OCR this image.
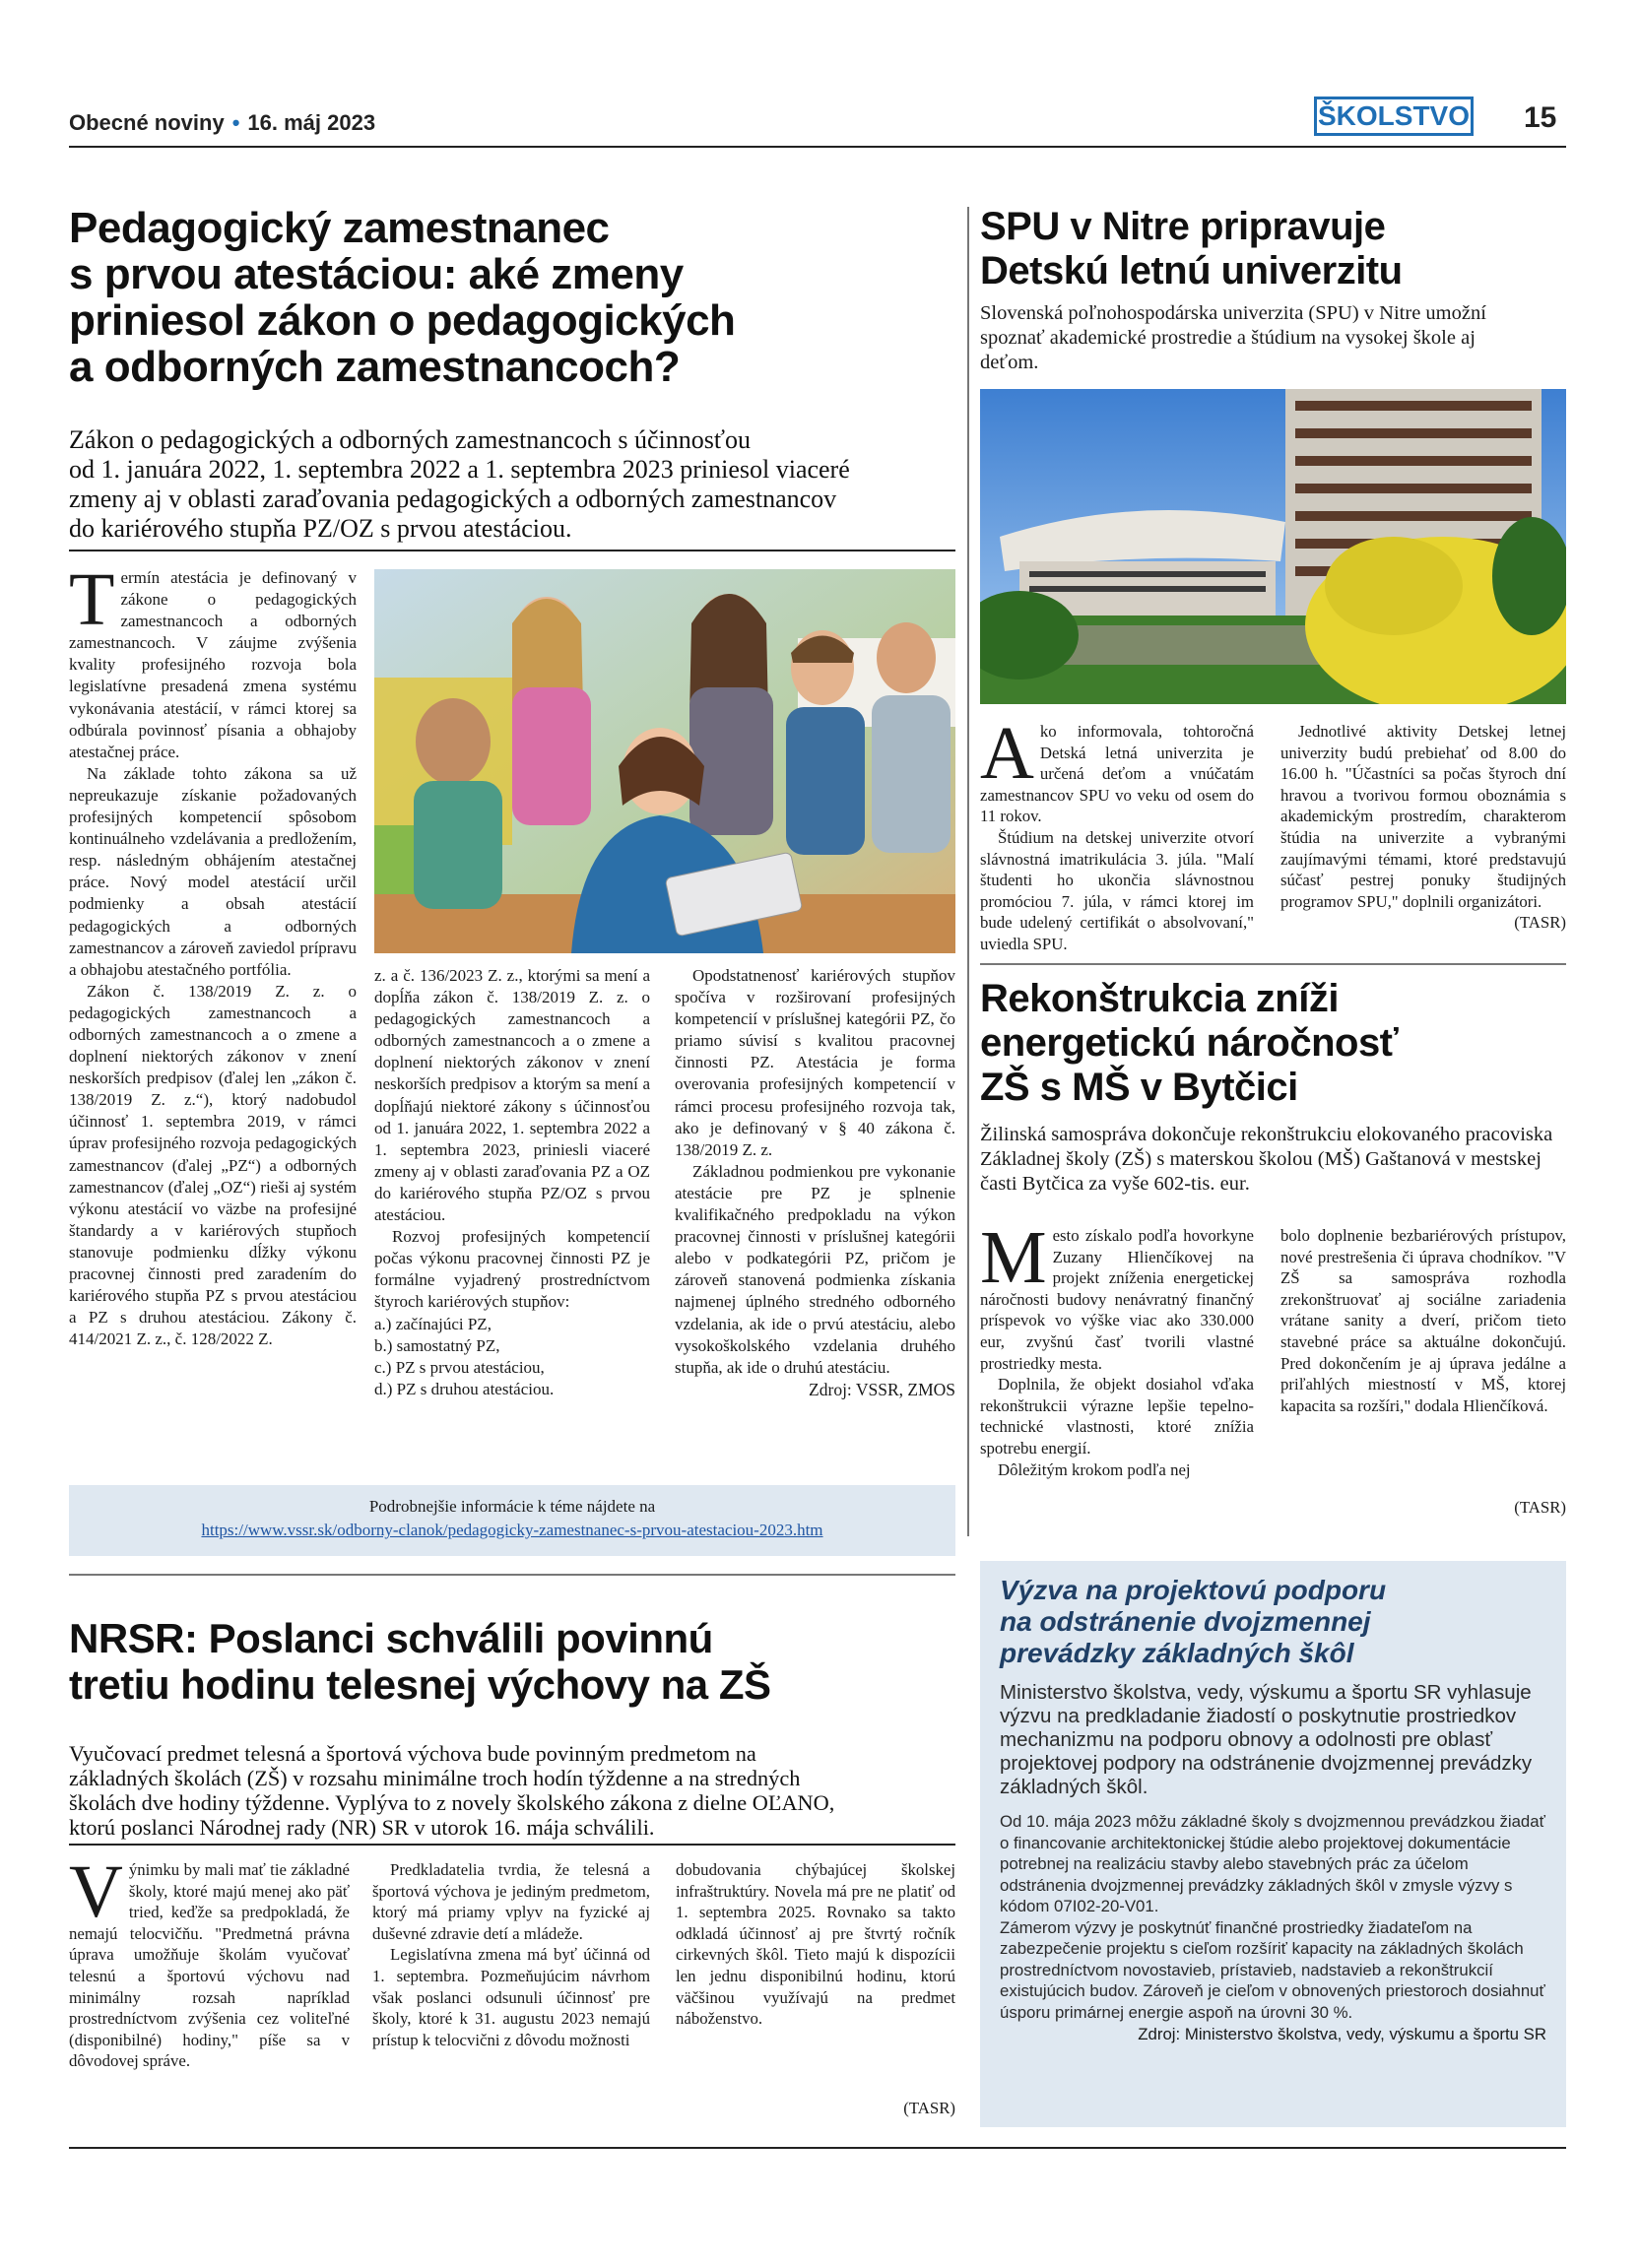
Obecné noviny • 16. máj 2023	ŠKOLSTVO 15
Pedagogický zamestnanec
s prvou atestáciou: aké zmeny
priniesol zákon o pedagogických
a odborných zamestnancoch?
Zákon o pedagogických a odborných zamestnancoch s účinnosťou
od 1. januára 2022, 1. septembra 2022 a 1. septembra 2023 priniesol viaceré
zmeny aj v oblasti zaraďovania pedagogických a odborných zamestnancov
do kariérového stupňa PZ/OZ s prvou atestáciou.

Termín atestácia je definovaný v zákone o pedagogických zamestnancoch a odborných zamestnancoch. V záujme zvýšenia kvality profesijného rozvoja bola legislatívne presadená zmena systému vykonávania atestácií, v rámci ktorej sa odbúrala povinnosť písania a obhajoby atestačnej práce.

Na základe tohto zákona sa už nepreukazuje získanie požadovaných profesijných kompetencií spôsobom kontinuálneho vzdelávania a predložením, resp. následným obhájením atestačnej práce. Nový model atestácií určil podmienky a obsah atestácií pedagogických a odborných zamestnancov a zároveň zaviedol prípravu a obhajobu atestačného portfólia.

Zákon č. 138/2019 Z. z. o pedagogických zamestnancoch a odborných zamestnancoch a o zmene a doplnení niektorých zákonov v znení neskorších predpisov (ďalej len „zákon č. 138/2019 Z. z.“), ktorý nadobudol účinnosť 1. septembra 2019, v rámci úprav profesijného rozvoja pedagogických zamestnancov (ďalej „PZ“) a odborných zamestnancov (ďalej „OZ“) rieši aj systém výkonu atestácií vo väzbe na profesijné štandardy a v kariérových stupňoch stanovuje podmienku dĺžky výkonu pracovnej činnosti pred zaradením do kariérového stupňa PZ s prvou atestáciou a PZ s druhou atestáciou. Zákony č. 414/2021 Z. z., č. 128/2022 Z.

z. a č. 136/2023 Z. z., ktorými sa mení a dopĺňa zákon č. 138/2019 Z. z. o pedagogických zamestnancoch a odborných zamestnancoch a o zmene a doplnení niektorých zákonov v znení neskorších predpisov a ktorým sa mení a dopĺňajú niektoré zákony s účinnosťou od 1. januára 2022, 1. septembra 2022 a 1. septembra 2023, priniesli viaceré zmeny aj v oblasti zaraďovania PZ a OZ do kariérového stupňa PZ/OZ s prvou atestáciou.

Rozvoj profesijných kompetencií počas výkonu pracovnej činnosti PZ je formálne vyjadrený prostredníctvom štyroch kariérových stupňov:

a.) začínajúci PZ,
b.) samostatný PZ,
c.) PZ s prvou atestáciou,
d.) PZ s druhou atestáciou.

Opodstatnenosť kariérových stupňov spočíva v rozširovaní profesijných kompetencií v príslušnej kategórii PZ, čo priamo súvisí s kvalitou pracovnej činnosti PZ. Atestácia je forma overovania profesijných kompetencií v rámci procesu profesijného rozvoja tak, ako je definovaný v § 40 zákona č. 138/2019 Z. z.

Základnou podmienkou pre vykonanie atestácie pre PZ je splnenie kvalifikačného predpokladu na výkon pracovnej činnosti v príslušnej kategórii alebo v podkategórii PZ, pričom je zároveň stanovená podmienka získania najmenej úplného stredného odborného vzdelania, ak ide o prvú atestáciu, alebo vysokoškolského vzdelania druhého stupňa, ak ide o druhú atestáciu.

Zdroj: VSSR, ZMOS
Podrobnejšie informácie k téme nájdete na
https://www.vssr.sk/odborny-clanok/pedagogicky-zamestnanec-s-prvou-atestaciou-2023.htm
SPU v Nitre pripravuje
Detskú letnú univerzitu
Slovenská poľnohospodárska univerzita (SPU) v Nitre umožní spoznať akademické prostredie a štúdium na vysokej škole aj deťom.

Ako informovala, tohtoročná Detská letná univerzita je určená deťom a vnúčatám zamestnancov SPU vo veku od osem do 11 rokov.

Štúdium na detskej univerzite otvorí slávnostná imatrikulácia 3. júla. "Malí študenti ho ukončia slávnostnou promóciou 7. júla, v rámci ktorej im bude udelený certifikát o absolvovaní," uviedla SPU.

Jednotlivé aktivity Detskej letnej univerzity budú prebiehať od 8.00 do 16.00 h. "Účastníci sa počas štyroch dní hravou a tvorivou formou oboznámia s akademickým prostredím, charakterom štúdia na univerzite a vybranými zaujímavými témami, ktoré predstavujú súčasť pestrej ponuky študijných programov SPU," doplnili organizátori.

(TASR)
Rekonštrukcia zníži
energetickú náročnosť
ZŠ s MŠ v Bytčici
Žilinská samospráva dokončuje rekonštrukciu elokovaného pracoviska Základnej školy (ZŠ) s materskou školou (MŠ) Gaštanová v mestskej časti Bytčica za vyše 602-tis. eur.

Mesto získalo podľa hovorkyne Zuzany Hlienčíkovej na projekt zníženia energetickej náročnosti budovy nenávratný finančný príspevok vo výške viac ako 330.000 eur, zvyšnú časť tvorili vlastné prostriedky mesta.

Doplnila, že objekt dosiahol vďaka rekonštrukcii výrazne lepšie tepelno-technické vlastnosti, ktoré znížia spotrebu energií.

Dôležitým krokom podľa nej

bolo doplnenie bezbariérových prístupov, nové prestrešenia či úprava chodníkov. "V ZŠ sa samospráva rozhodla zrekonštruovať aj sociálne zariadenia vrátane sanity a dverí, pričom tieto stavebné práce sa aktuálne dokončujú. Pred dokončením je aj úprava jedálne a priľahlých miestností v MŠ, ktorej kapacita sa rozšíri," dodala Hlienčíková.

(TASR)
NRSR: Poslanci schválili povinnú
tretiu hodinu telesnej výchovy na ZŠ
Vyučovací predmet telesná a športová výchova bude povinným predmetom na
základných školách (ZŠ) v rozsahu minimálne troch hodín týždenne a na stredných
školách dve hodiny týždenne. Vyplýva to z novely školského zákona z dielne OĽANO,
ktorú poslanci Národnej rady (NR) SR v utorok 16. mája schválili.

Výnimku by mali mať tie základné školy, ktoré majú menej ako päť tried, keďže sa predpokladá, že nemajú telocvičňu. "Predmetná právna úprava umožňuje školám vyučovať telesnú a športovú výchovu nad minimálny rozsah napríklad prostredníctvom zvýšenia cez voliteľné (disponibilné) hodiny," píše sa v dôvodovej správe.

Predkladatelia tvrdia, že telesná a športová výchova je jediným predmetom, ktorý má priamy vplyv na fyzické aj duševné zdravie detí a mládeže.

Legislatívna zmena má byť účinná od 1. septembra. Pozmeňujúcim návrhom však poslanci odsunuli účinnosť pre školy, ktoré k 31. augustu 2023 nemajú prístup k telocvični z dôvodu možnosti

dobudovania chýbajúcej školskej infraštruktúry. Novela má pre ne platiť od 1. septembra 2025. Rovnako sa takto odkladá účinnosť aj pre štvrtý ročník cirkevných škôl. Tieto majú k dispozícii len jednu disponibilnú hodinu, ktorú väčšinou využívajú na predmet náboženstvo.

(TASR)
Výzva na projektovú podporu
na odstránenie dvojzmennej
prevádzky základných škôl
Ministerstvo školstva, vedy, výskumu a športu SR vyhlasuje výzvu na predkladanie žiadostí o poskytnutie prostriedkov mechanizmu na podporu obnovy a odolnosti pre oblasť projektovej podpory na odstránenie dvojzmennej prevádzky základných škôl.

Od 10. mája 2023 môžu základné školy s dvojzmennou prevádzkou žiadať o financovanie architektonickej štúdie alebo projektovej dokumentácie potrebnej na realizáciu stavby alebo stavebných prác za účelom odstránenia dvojzmennej prevádzky základných škôl v zmysle výzvy s kódom 07I02-20-V01.

Zámerom výzvy je poskytnúť finančné prostriedky žiadateľom na zabezpečenie projektu s cieľom rozšíriť kapacity na základných školách prostredníctvom novostavieb, prístavieb, nadstavieb a rekonštrukcií existujúcich budov. Zároveň je cieľom v obnovených priestoroch dosiahnuť úsporu primárnej energie aspoň na úrovni 30 %.

Zdroj: Ministerstvo školstva, vedy, výskumu a športu SR
